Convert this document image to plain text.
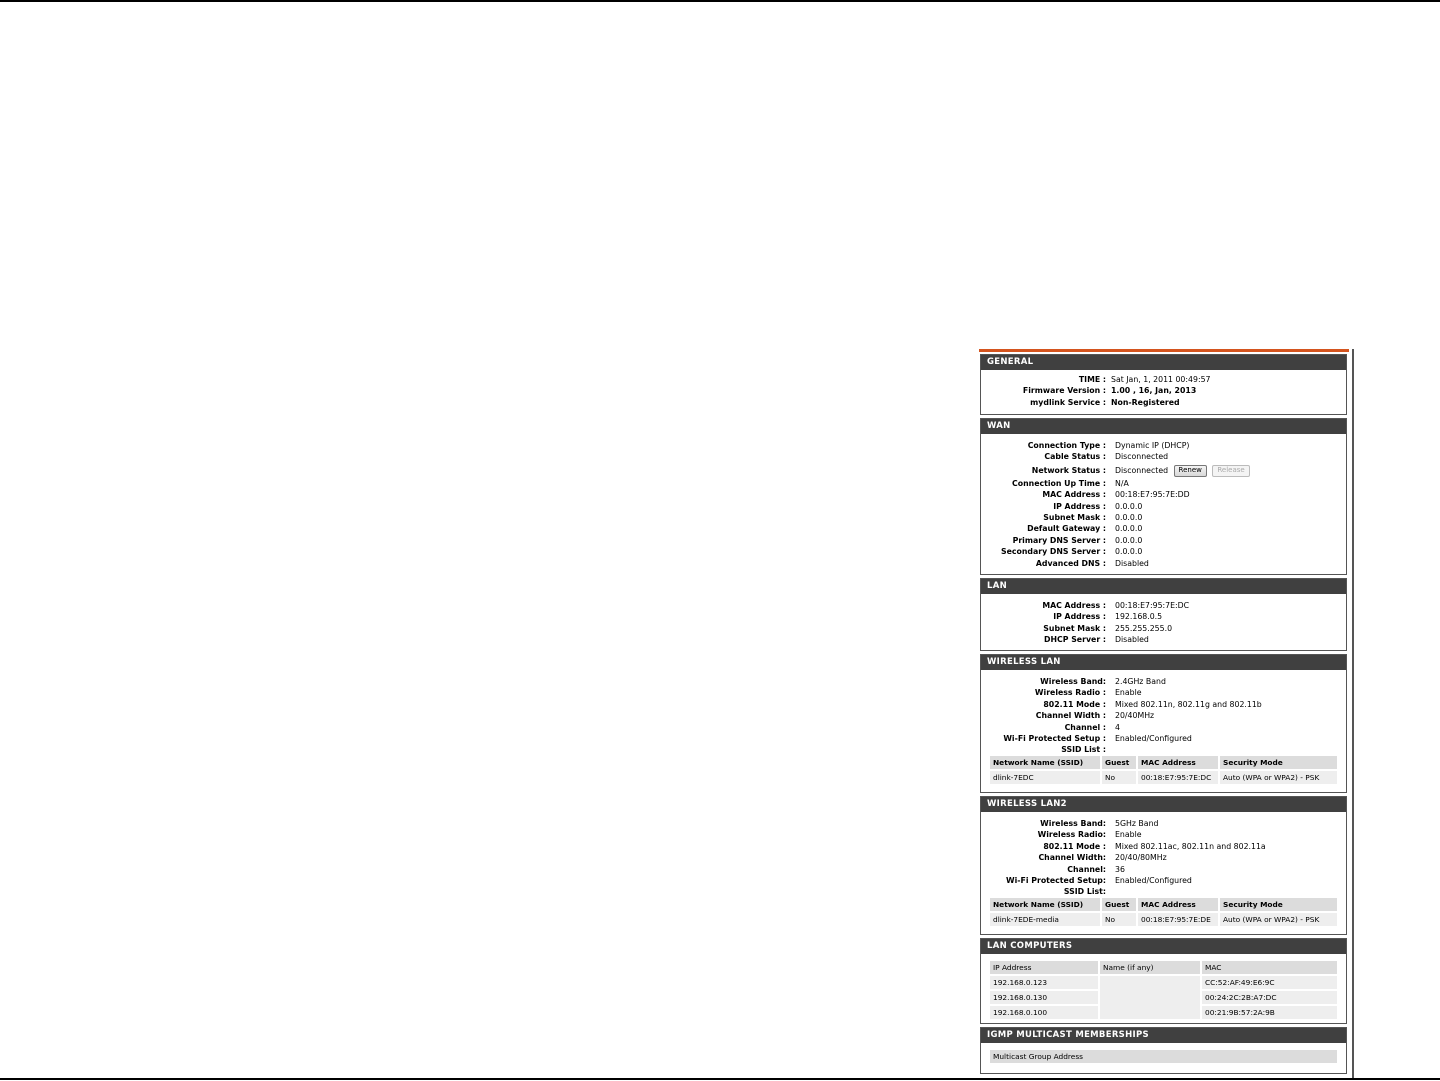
GENERAL
TIME : Sat Jan, 1, 2011 00:49:57
Firmware Version : 1.00 , 16, Jan, 2013
mydlink Service : Non-Registered
WAN
Connection Type : Dynamic IP (DHCP)
Cable Status : Disconnected
Network Status : Disconnected Renew Release
Connection Up Time : N/A
MAC Address : 00:18:E7:95:7E:DD
IP Address : 0.0.0.0
Subnet Mask : 0.0.0.0
Default Gateway : 0.0.0.0
Primary DNS Server : 0.0.0.0
Secondary DNS Server : 0.0.0.0
Advanced DNS : Disabled
LAN
MAC Address : 00:18:E7:95:7E:DC
IP Address : 192.168.0.5
Subnet Mask : 255.255.255.0
DHCP Server : Disabled
WIRELESS LAN
Wireless Band: 2.4GHz Band
Wireless Radio : Enable
802.11 Mode : Mixed 802.11n, 802.11g and 802.11b
Channel Width : 20/40MHz
Channel : 4
Wi-Fi Protected Setup : Enabled/Configured
SSID List :
Network Name (SSID)	Guest	MAC Address	Security Mode
dlink-7EDC	No	00:18:E7:95:7E:DC	Auto (WPA or WPA2) - PSK
WIRELESS LAN2
Wireless Band: 5GHz Band
Wireless Radio: Enable
802.11 Mode : Mixed 802.11ac, 802.11n and 802.11a
Channel Width: 20/40/80MHz
Channel: 36
Wi-Fi Protected Setup: Enabled/Configured
SSID List:
Network Name (SSID)	Guest	MAC Address	Security Mode
dlink-7EDE-media	No	00:18:E7:95:7E:DE	Auto (WPA or WPA2) - PSK
LAN COMPUTERS
IP Address	Name (if any)	MAC
192.168.0.123		CC:52:AF:49:E6:9C
192.168.0.130		00:24:2C:2B:A7:DC
192.168.0.100		00:21:9B:57:2A:9B
IGMP MULTICAST MEMBERSHIPS
Multicast Group Address
